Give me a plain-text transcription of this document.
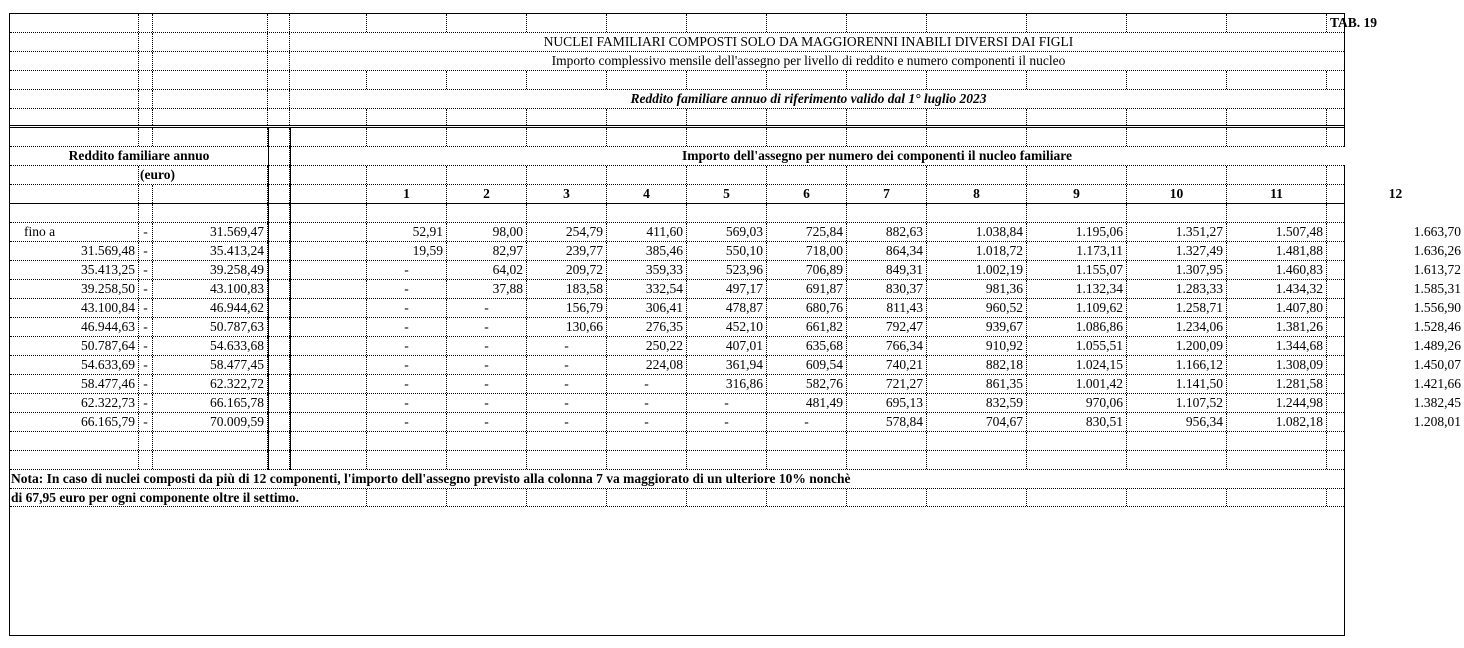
TAB. 19
NUCLEI FAMILIARI COMPOSTI SOLO DA MAGGIORENNI INABILI DIVERSI DAI FIGLI
Importo complessivo mensile dell'assegno per livello di reddito e numero componenti il nucleo
Reddito familiare annuo di riferimento valido dal 1° luglio 2023
Reddito familiare annuo	Importo dell'assegno per numero dei componenti il nucleo familiare
(euro)
1	2	3	4	5	6	7	8	9	10	11	12
fino a	-	31.569,47	52,91	98,00	254,79	411,60	569,03	725,84	882,63	1.038,84	1.195,06	1.351,27	1.507,48	1.663,70
31.569,48 -	35.413,24	19,59	82,97	239,77	385,46	550,10	718,00	864,34	1.018,72	1.173,11	1.327,49	1.481,88	1.636,26
35.413,25 -	39.258,49	-	64,02	209,72	359,33	523,96	706,89	849,31	1.002,19	1.155,07	1.307,95	1.460,83	1.613,72
39.258,50 -	43.100,83	-	37,88	183,58	332,54	497,17	691,87	830,37	981,36	1.132,34	1.283,33	1.434,32	1.585,31
43.100,84 -	46.944,62	-	-	156,79	306,41	478,87	680,76	811,43	960,52	1.109,62	1.258,71	1.407,80	1.556,90
46.944,63 -	50.787,63	-	-	130,66	276,35	452,10	661,82	792,47	939,67	1.086,86	1.234,06	1.381,26	1.528,46
50.787,64 -	54.633,68	-	-	-	250,22	407,01	635,68	766,34	910,92	1.055,51	1.200,09	1.344,68	1.489,26
54.633,69 -	58.477,45	-	-	-	224,08	361,94	609,54	740,21	882,18	1.024,15	1.166,12	1.308,09	1.450,07
58.477,46 -	62.322,72	-	-	-	-	316,86	582,76	721,27	861,35	1.001,42	1.141,50	1.281,58	1.421,66
62.322,73 -	66.165,78	-	-	-	-	-	481,49	695,13	832,59	970,06	1.107,52	1.244,98	1.382,45
66.165,79 -	70.009,59	-	-	-	-	-	-	578,84	704,67	830,51	956,34	1.082,18	1.208,01
Nota: In caso di nuclei composti da più di 12 componenti, l'importo dell'assegno previsto alla colonna 7 va maggiorato di un ulteriore 10% nonchè
di 67,95 euro per ogni componente oltre il settimo.
